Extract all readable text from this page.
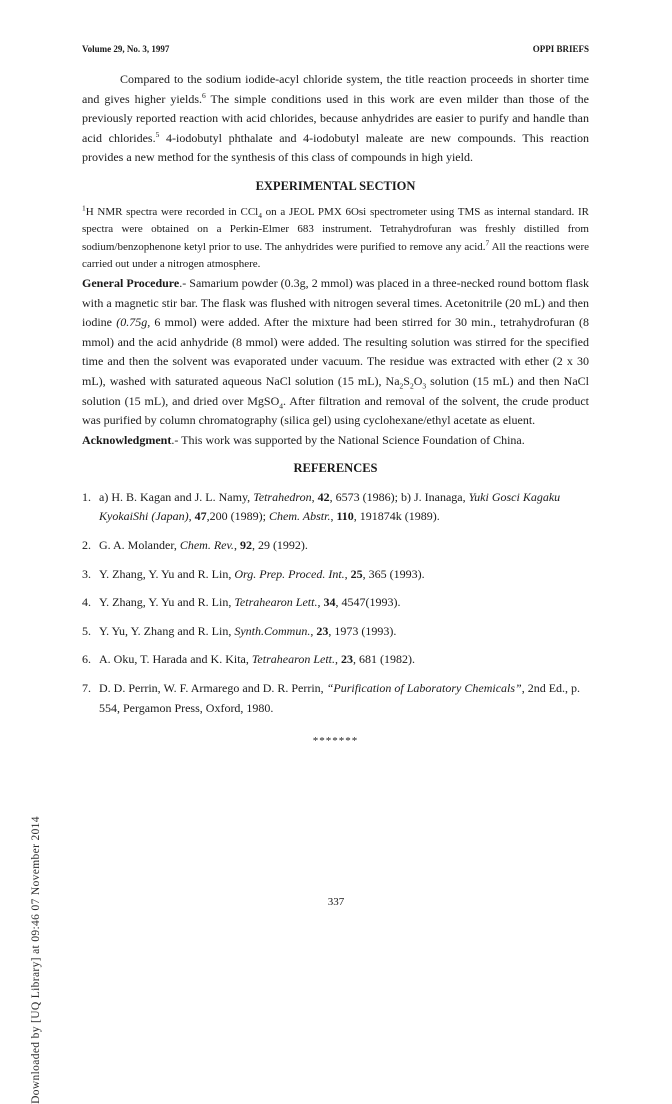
Volume 29, No. 3, 1997	OPPI BRIEFS
Downloaded by [UQ Library] at 09:46 07 November 2014

Compared to the sodium iodide-acyl chloride system, the title reaction proceeds in shorter time and gives higher yields.$^6$ The simple conditions used in this work are even milder than those of the previously reported reaction with acid chlorides, because anhydrides are easier to purify and handle than acid chlorides.$^5$ 4-iodobutyl phthalate and 4-iodobutyl maleate are new compounds. This reaction provides a new method for the synthesis of this class of compounds in high yield.

EXPERIMENTAL SECTION

$^1$H NMR spectra were recorded in CCl$_4$ on a JEOL PMX 6Osi spectrometer using TMS as internal standard. IR spectra were obtained on a Perkin-Elmer 683 instrument. Tetrahydrofuran was freshly distilled from sodium/benzophenone ketyl prior to use. The anhydrides were purified to remove any acid.$^7$ All the reactions were carried out under a nitrogen atmosphere.

General Procedure.- Samarium powder (0.3g, 2 mmol) was placed in a three-necked round bottom flask with a magnetic stir bar. The flask was flushed with nitrogen several times. Acetonitrile (20 mL) and then iodine (0.75g, 6 mmol) were added. After the mixture had been stirred for 30 min., tetrahydrofuran (8 mmol) and the acid anhydride (8 mmol) were added. The resulting solution was stirred for the specified time and then the solvent was evaporated under vacuum. The residue was extracted with ether (2 x 30 mL), washed with saturated aqueous NaCl solution (15 mL), $Na_2S_2O_3$ solution (15 mL) and then NaCl solution (15 mL), and dried over MgSO$_4$. After filtration and removal of the solvent, the crude product was purified by column chromatography (silica gel) using cyclohexane/ethyl acetate as eluent.

Acknowledgment.- This work was supported by the National Science Foundation of China.

REFERENCES
1. a) H. B. Kagan and J. L. Namy, Tetrahedron, 42, 6573 (1986); b) J. Inanaga, Yuki Gosci Kagaku KyokaiShi (Japan), 47,200 (1989); Chem. Abstr., 110, 191874k (1989).
2. G. A. Molander, Chem. Rev., 92, 29 (1992).
3. Y. Zhang, Y. Yu and R. Lin, Org. Prep. Proced. Int., 25, 365 (1993).
4. Y. Zhang, Y. Yu and R. Lin, Tetrahearon Lett., 34, 4547(1993).
5. Y. Yu, Y. Zhang and R. Lin, Synth.Commun., 23, 1973 (1993).
6. A. Oku, T. Harada and K. Kita, Tetrahearon Lett., 23, 681 (1982).
7. D. D. Perrin, W. F. Armarego and D. R. Perrin, “Purification of Laboratory Chemicals”, 2nd Ed., p. 554, Pergamon Press, Oxford, 1980.
*******
337
